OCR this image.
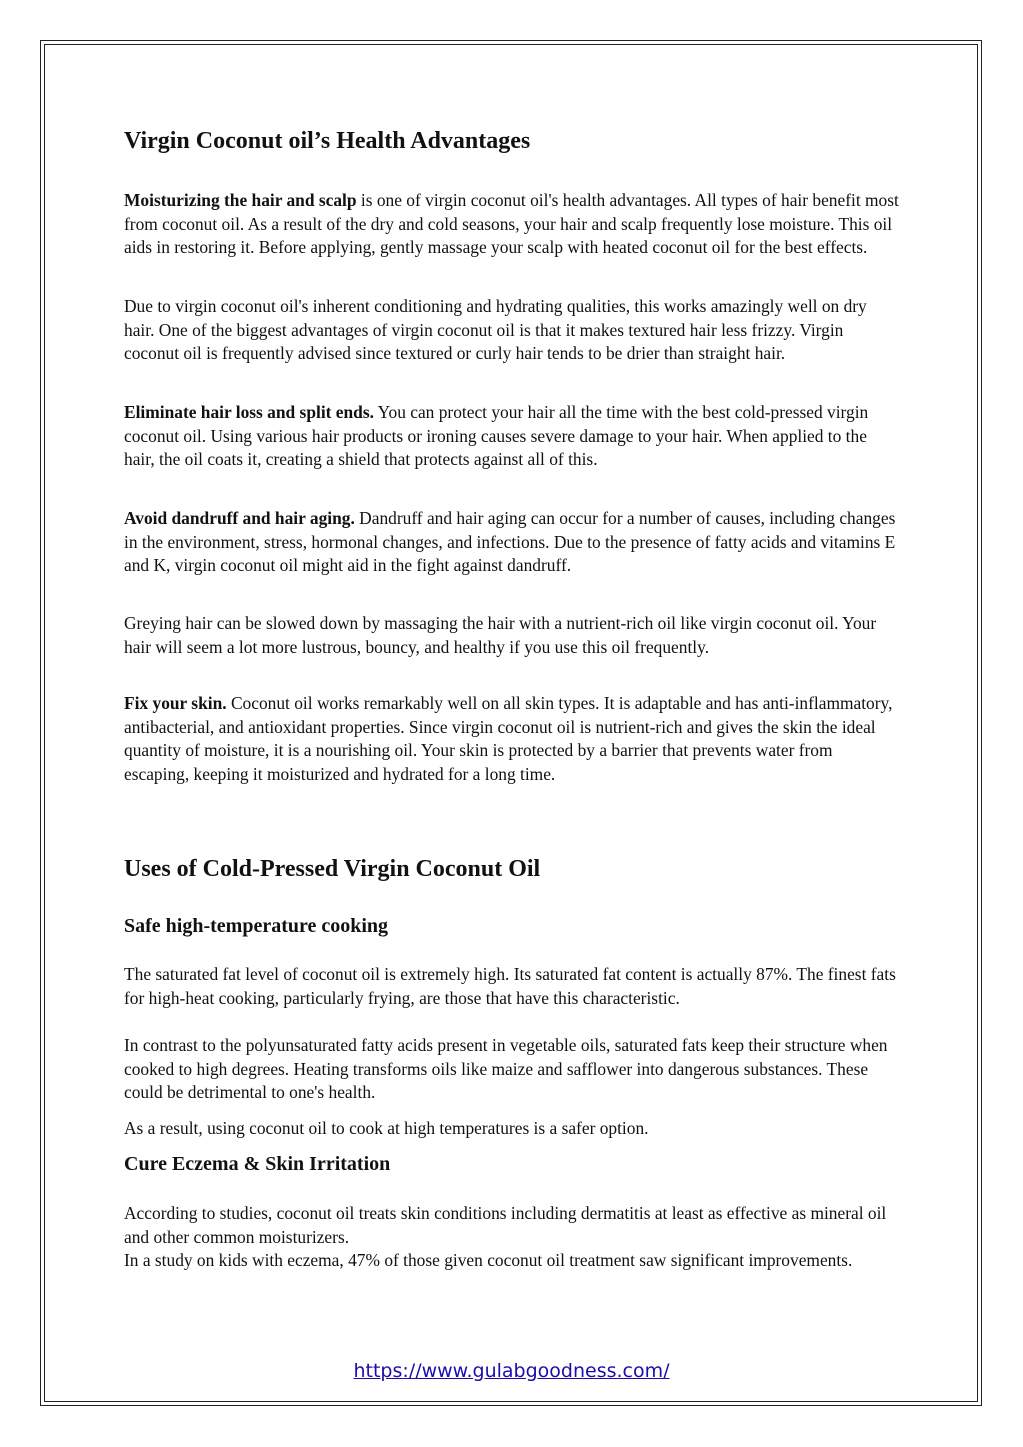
Virgin Coconut oil’s Health Advantages

Moisturizing the hair and scalp is one of virgin coconut oil's health advantages. All types of hair benefit most from coconut oil. As a result of the dry and cold seasons, your hair and scalp frequently lose moisture. This oil aids in restoring it. Before applying, gently massage your scalp with heated coconut oil for the best effects.

Due to virgin coconut oil's inherent conditioning and hydrating qualities, this works amazingly well on dry hair. One of the biggest advantages of virgin coconut oil is that it makes textured hair less frizzy. Virgin coconut oil is frequently advised since textured or curly hair tends to be drier than straight hair.

Eliminate hair loss and split ends. You can protect your hair all the time with the best cold-pressed virgin coconut oil. Using various hair products or ironing causes severe damage to your hair. When applied to the hair, the oil coats it, creating a shield that protects against all of this.

Avoid dandruff and hair aging. Dandruff and hair aging can occur for a number of causes, including changes in the environment, stress, hormonal changes, and infections. Due to the presence of fatty acids and vitamins E and K, virgin coconut oil might aid in the fight against dandruff.

Greying hair can be slowed down by massaging the hair with a nutrient-rich oil like virgin coconut oil. Your hair will seem a lot more lustrous, bouncy, and healthy if you use this oil frequently.

Fix your skin. Coconut oil works remarkably well on all skin types. It is adaptable and has anti-inflammatory, antibacterial, and antioxidant properties. Since virgin coconut oil is nutrient-rich and gives the skin the ideal quantity of moisture, it is a nourishing oil. Your skin is protected by a barrier that prevents water from escaping, keeping it moisturized and hydrated for a long time.

Uses of Cold-Pressed Virgin Coconut Oil
Safe high-temperature cooking

The saturated fat level of coconut oil is extremely high. Its saturated fat content is actually 87%. The finest fats for high-heat cooking, particularly frying, are those that have this characteristic.

In contrast to the polyunsaturated fatty acids present in vegetable oils, saturated fats keep their structure when cooked to high degrees. Heating transforms oils like maize and safflower into dangerous substances. These could be detrimental to one's health.

As a result, using coconut oil to cook at high temperatures is a safer option.

Cure Eczema & Skin Irritation

According to studies, coconut oil treats skin conditions including dermatitis at least as effective as mineral oil and other common moisturizers.

In a study on kids with eczema, 47% of those given coconut oil treatment saw significant improvements.

https://www.gulabgoodness.com/
